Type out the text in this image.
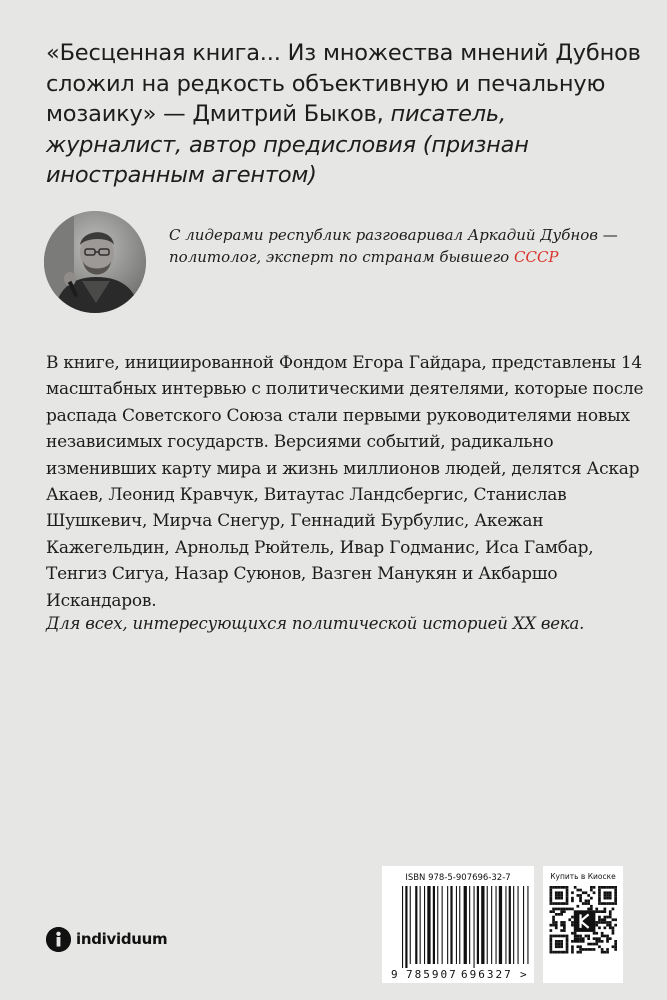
«Бесценная книга... Из множества мнений Дубнов сложил на редкость объективную и печальную мозаику» — Дмитрий Быков, писатель, журналист, автор предисловия (признан иностранным агентом)
С лидерами республик разговаривал Аркадий Дубнов — политолог, эксперт по странам бывшего СССР
В книге, инициированной Фондом Егора Гайдара, представлены 14 масштабных интервью с политическими деятелями, которые после распада Советского Союза стали первыми руководителями новых независимых государств. Версиями событий, радикально изменивших карту мира и жизнь миллионов людей, делятся Аскар Акаев, Леонид Кравчук, Витаутас Ландсбергис, Станислав Шушкевич, Мирча Снегур, Геннадий Бурбулис, Акежан Кажегельдин, Арнольд Рюйтель, Ивар Годманис, Иса Гамбар, Тенгиз Сигуа, Назар Суюнов, Вазген Манукян и Акбаршо Искандаров.
Для всех, интересующихся политической историей XX века.
individuum
ISBN 978-5-907696-32-7
9 785907 696327 >
Купить в Киоске
